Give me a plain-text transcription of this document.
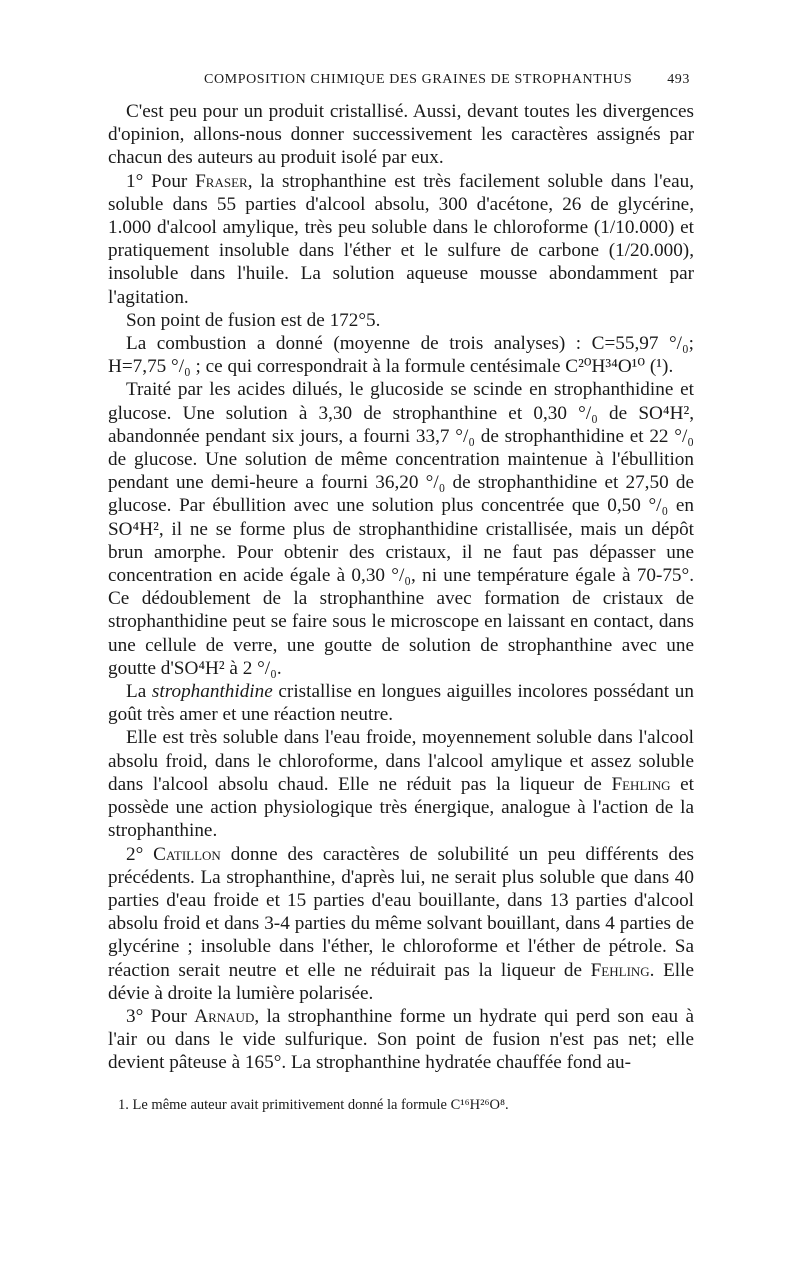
COMPOSITION CHIMIQUE DES GRAINES DE STROPHANTHUS 493

C'est peu pour un produit cristallisé. Aussi, devant toutes les divergences d'opinion, allons-nous donner successivement les caractères assignés par chacun des auteurs au produit isolé par eux.

1° Pour Fraser, la strophanthine est très facilement soluble dans l'eau, soluble dans 55 parties d'alcool absolu, 300 d'acétone, 26 de glycérine, 1.000 d'alcool amylique, très peu soluble dans le chloroforme (1/10.000) et pratiquement insoluble dans l'éther et le sulfure de carbone (1/20.000), insoluble dans l'huile. La solution aqueuse mousse abondamment par l'agitation.

Son point de fusion est de 172°5.

La combustion a donné (moyenne de trois analyses) : C=55,97 °/₀; H=7,75 °/₀ ; ce qui correspondrait à la formule centésimale C²⁰H³⁴O¹⁰ (¹).

Traité par les acides dilués, le glucoside se scinde en strophanthidine et glucose. Une solution à 3,30 de strophanthine et 0,30 °/₀ de SO⁴H², abandonnée pendant six jours, a fourni 33,7 °/₀ de strophanthidine et 22 °/₀ de glucose. Une solution de même concentration maintenue à l'ébullition pendant une demi-heure a fourni 36,20 °/₀ de strophanthidine et 27,50 de glucose. Par ébullition avec une solution plus concentrée que 0,50 °/₀ en SO⁴H², il ne se forme plus de strophanthidine cristallisée, mais un dépôt brun amorphe. Pour obtenir des cristaux, il ne faut pas dépasser une concentration en acide égale à 0,30 °/₀, ni une température égale à 70-75°. Ce dédoublement de la strophanthine avec formation de cristaux de strophanthidine peut se faire sous le microscope en laissant en contact, dans une cellule de verre, une goutte de solution de strophanthine avec une goutte d'SO⁴H² à 2 °/₀.

La strophanthidine cristallise en longues aiguilles incolores possédant un goût très amer et une réaction neutre.

Elle est très soluble dans l'eau froide, moyennement soluble dans l'alcool absolu froid, dans le chloroforme, dans l'alcool amylique et assez soluble dans l'alcool absolu chaud. Elle ne réduit pas la liqueur de Fehling et possède une action physiologique très énergique, analogue à l'action de la strophanthine.

2° Catillon donne des caractères de solubilité un peu différents des précédents. La strophanthine, d'après lui, ne serait plus soluble que dans 40 parties d'eau froide et 15 parties d'eau bouillante, dans 13 parties d'alcool absolu froid et dans 3-4 parties du même solvant bouillant, dans 4 parties de glycérine ; insoluble dans l'éther, le chloroforme et l'éther de pétrole. Sa réaction serait neutre et elle ne réduirait pas la liqueur de Fehling. Elle dévie à droite la lumière polarisée.

3° Pour Arnaud, la strophanthine forme un hydrate qui perd son eau à l'air ou dans le vide sulfurique. Son point de fusion n'est pas net; elle devient pâteuse à 165°. La strophanthine hydratée chauffée fond au-

1. Le même auteur avait primitivement donné la formule C¹⁶H²⁶O⁸.
